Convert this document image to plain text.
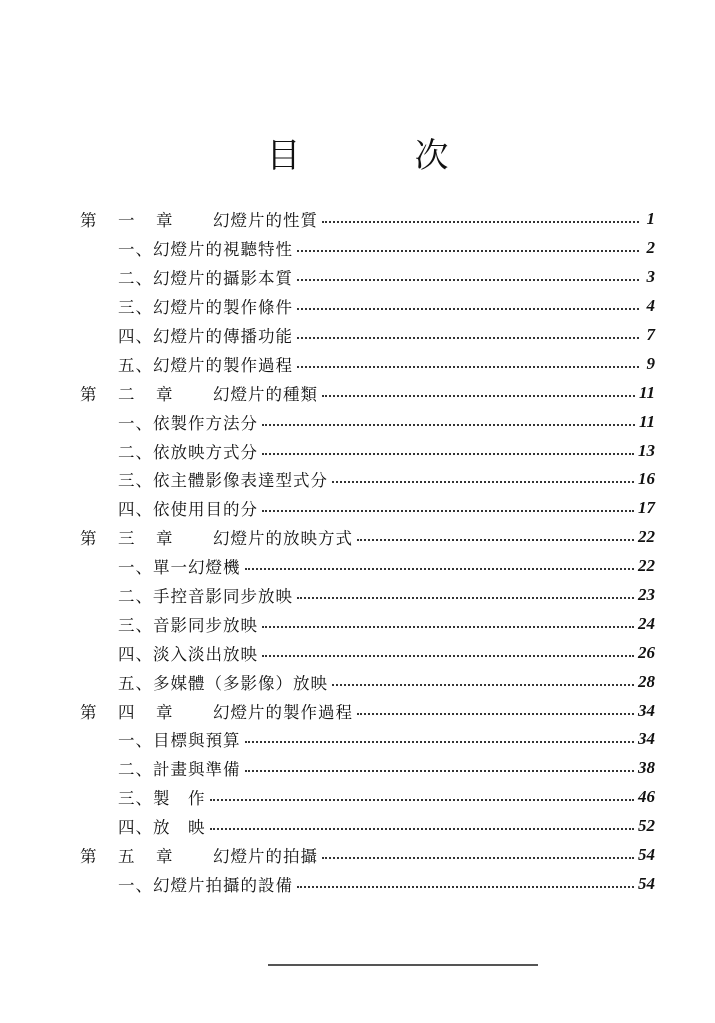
目　次
第 一 章	幻燈片的性質	1
一、幻燈片的視聽特性	2
二、幻燈片的攝影本質	3
三、幻燈片的製作條件	4
四、幻燈片的傳播功能	7
五、幻燈片的製作過程	9
第 二 章	幻燈片的種類	11
一、依製作方法分	11
二、依放映方式分	13
三、依主體影像表達型式分	16
四、依使用目的分	17
第 三 章	幻燈片的放映方式	22
一、單一幻燈機	22
二、手控音影同步放映	23
三、音影同步放映	24
四、淡入淡出放映	26
五、多媒體（多影像）放映	28
第 四 章	幻燈片的製作過程	34
一、目標與預算	34
二、計畫與準備	38
三、製　作	46
四、放　映	52
第 五 章	幻燈片的拍攝	54
一、幻燈片拍攝的設備	54
